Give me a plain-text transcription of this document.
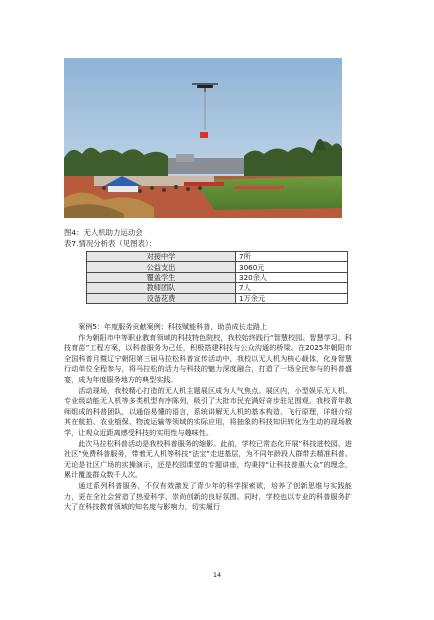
图4：无人机助力运动会
表7.情况分析表（见图表）：
对接中学	7所
公益支出	3060元
覆盖学生	320余人
教师团队	7人
设备花费	1万余元

案例5：年度服务贡献案例：科技赋能科普，助苗成长走路上

作为朝阳市中等职业教育领域的科技特色院校，我校始终践行“智慧校园、智慧学习、科技育苗”工程方案，以科普服务为己任，积极搭建科技与公众沟通的桥梁。在2025年朝阳市全国科普月暨辽宁朝阳第三届马拉松科普宣传活动中，我校以无人机为核心载体，化身智慧行动单位全程参与，将马拉松的活力与科技的魅力深度融合，打造了一场全民参与的科普盛宴，成为年度服务地方的典型实践。

活动现场，我校精心打造的无人机主题展区成为人气焦点。展区内，小型娱乐无人机、专业级动能无人机等多类机型有序陈列，吸引了大批市民充满好奇步驻足围观。我校青年教师组成的科普团队，以通俗易懂的语言，系统讲解无人机的基本构造、飞行原理，详细介绍其在航拍、农业植保、物流运输等领域的实际应用，将抽象的科技知识转化为生动的现场教学，让观众近距离感受科技的实用性与趣味性。

此次马拉松科普活动是我校科普服务的缩影。此前，学校已常态化开展“科技进校园、进社区”免费科普服务，带着无人机等科技“法宝”走进基层，为不同年龄段人群带去精准科普。无论是社区广场的实操演示，还是校园课堂的专题讲座，均秉持“让科技普惠大众”的理念，累计覆盖群众数千人次。

通过系列科普服务，不仅有效激发了青少年的科学探索欲，培养了创新思维与实践能力，更在全社会营造了热爱科学、崇尚创新的良好氛围。同时，学校也以专业的科普服务扩大了在科技教育领域的知名度与影响力，切实履行

14
